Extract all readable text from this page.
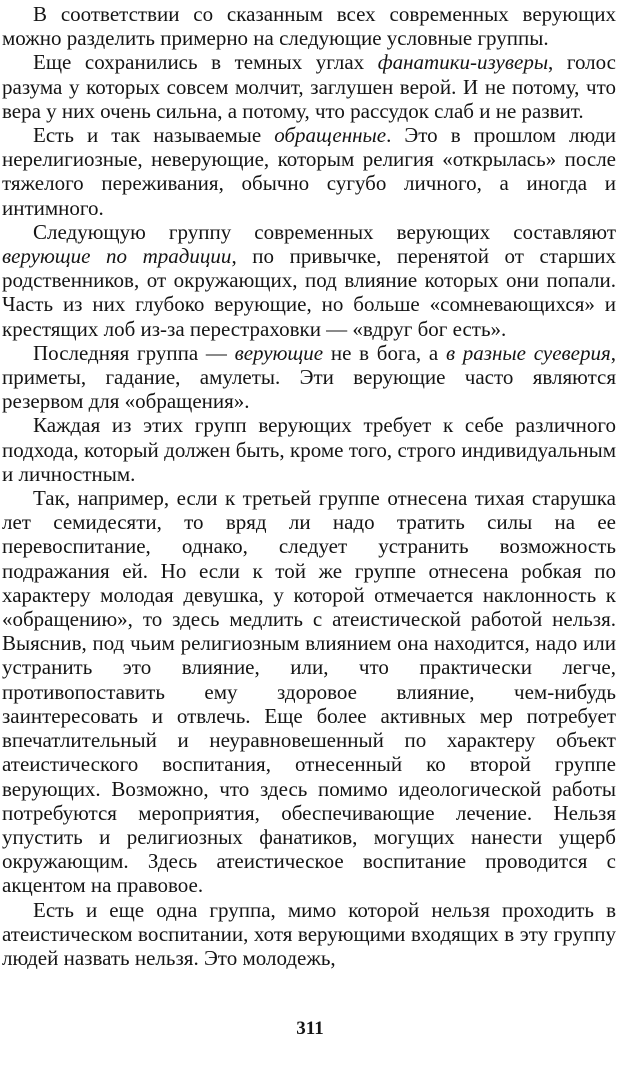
В соответствии со сказанным всех современных верующих можно разделить примерно на следующие условные группы.

Еще сохранились в темных углах фанатики-изуверы, голос разума у которых совсем молчит, заглушен верой. И не потому, что вера у них очень сильна, а потому, что рассудок слаб и не развит.

Есть и так называемые обращенные. Это в прошлом люди нерелигиозные, неверующие, которым религия «открылась» после тяжелого переживания, обычно сугубо личного, а иногда и интимного.

Следующую группу современных верующих составляют верующие по традиции, по привычке, перенятой от старших родственников, от окружающих, под влияние которых они попали. Часть из них глубоко верующие, но больше «сомневающихся» и крестящих лоб из-за перестраховки — «вдруг бог есть».

Последняя группа — верующие не в бога, а в разные суеверия, приметы, гадание, амулеты. Эти верующие часто являются резервом для «обращения».

Каждая из этих групп верующих требует к себе различного подхода, который должен быть, кроме того, строго индивидуальным и личностным.

Так, например, если к третьей группе отнесена тихая старушка лет семидесяти, то вряд ли надо тратить силы на ее перевоспитание, однако, следует устранить возможность подражания ей. Но если к той же группе отнесена робкая по характеру молодая девушка, у которой отмечается наклонность к «обращению», то здесь медлить с атеистической работой нельзя. Выяснив, под чьим религиозным влиянием она находится, надо или устранить это влияние, или, что практически легче, противопоставить ему здоровое влияние, чем-нибудь заинтересовать и отвлечь. Еще более активных мер потребует впечатлительный и неуравновешенный по характеру объект атеистического воспитания, отнесенный ко второй группе верующих. Возможно, что здесь помимо идеологической работы потребуются мероприятия, обеспечивающие лечение. Нельзя упустить и религиозных фанатиков, могущих нанести ущерб окружающим. Здесь атеистическое воспитание проводится с акцентом на правовое.

Есть и еще одна группа, мимо которой нельзя проходить в атеистическом воспитании, хотя верующими входящих в эту группу людей назвать нельзя. Это молодежь,

311
